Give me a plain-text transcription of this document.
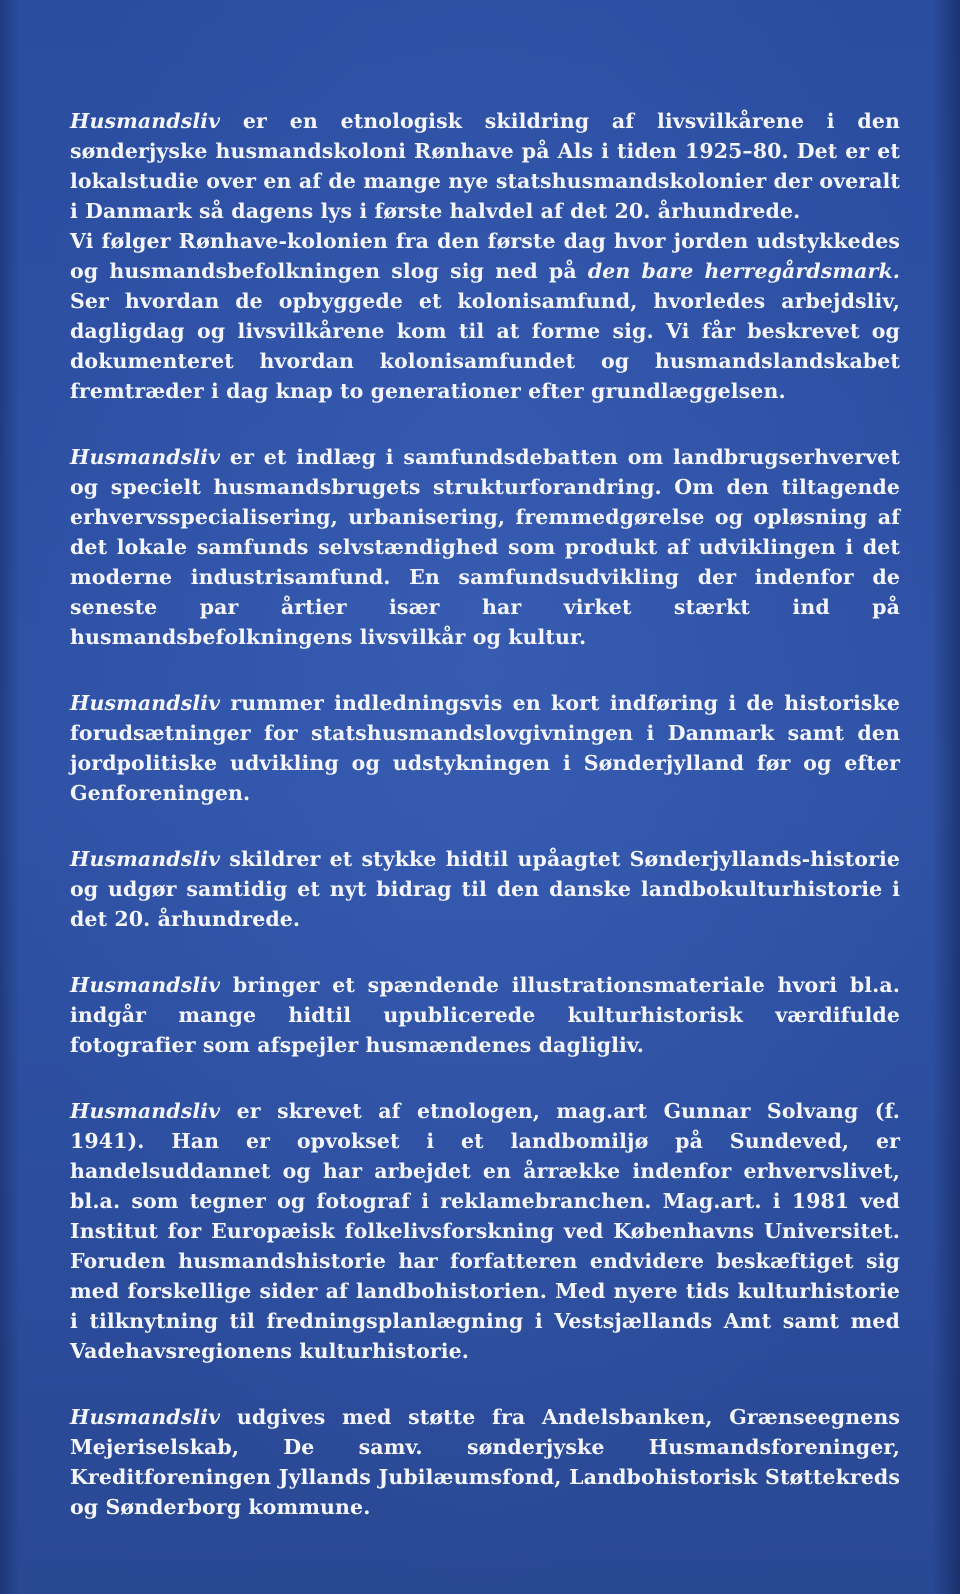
Husmandsliv er en etnologisk skildring af livsvilkårene i den sønderjyske husmandskoloni Rønhave på Als i tiden 1925–80. Det er et lokalstudie over en af de mange nye statshusmandskolonier der overalt i Danmark så dagens lys i første halvdel af det 20. århundrede.
Vi følger Rønhave-kolonien fra den første dag hvor jorden udstykkedes og husmandsbefolkningen slog sig ned på den bare herregårdsmark. Ser hvordan de opbyggede et kolonisamfund, hvorledes arbejdsliv, dagligdag og livsvilkårene kom til at forme sig. Vi får beskrevet og dokumenteret hvordan kolonisamfundet og husmandslandskabet fremtræder i dag knap to generationer efter grundlæggelsen.

Husmandsliv er et indlæg i samfundsdebatten om landbrugserhvervet og specielt husmandsbrugets strukturforandring. Om den tiltagende erhvervsspecialisering, urbanisering, fremmedgørelse og opløsning af det lokale samfunds selvstændighed som produkt af udviklingen i det moderne industrisamfund. En samfundsudvikling der indenfor de seneste par årtier især har virket stærkt ind på husmandsbefolkningens livsvilkår og kultur.

Husmandsliv rummer indledningsvis en kort indføring i de historiske forudsætninger for statshusmandslovgivningen i Danmark samt den jordpolitiske udvikling og udstykningen i Sønderjylland før og efter Genforeningen.

Husmandsliv skildrer et stykke hidtil upåagtet Sønderjyllands-historie og udgør samtidig et nyt bidrag til den danske landbokulturhistorie i det 20. århundrede.

Husmandsliv bringer et spændende illustrationsmateriale hvori bl.a. indgår mange hidtil upublicerede kulturhistorisk værdifulde fotografier som afspejler husmændenes dagligliv.

Husmandsliv er skrevet af etnologen, mag.art Gunnar Solvang (f. 1941). Han er opvokset i et landbomiljø på Sundeved, er handelsuddannet og har arbejdet en årrække indenfor erhvervslivet, bl.a. som tegner og fotograf i reklamebranchen. Mag.art. i 1981 ved Institut for Europæisk folkelivsforskning ved Københavns Universitet. Foruden husmandshistorie har forfatteren endvidere beskæftiget sig med forskellige sider af landbohistorien. Med nyere tids kulturhistorie i tilknytning til fredningsplanlægning i Vestsjællands Amt samt med Vadehavsregionens kulturhistorie.

Husmandsliv udgives med støtte fra Andelsbanken, Grænseegnens Mejeriselskab, De samv. sønderjyske Husmandsforeninger, Kreditforeningen Jyllands Jubilæumsfond, Landbohistorisk Støttekreds og Sønderborg kommune.
